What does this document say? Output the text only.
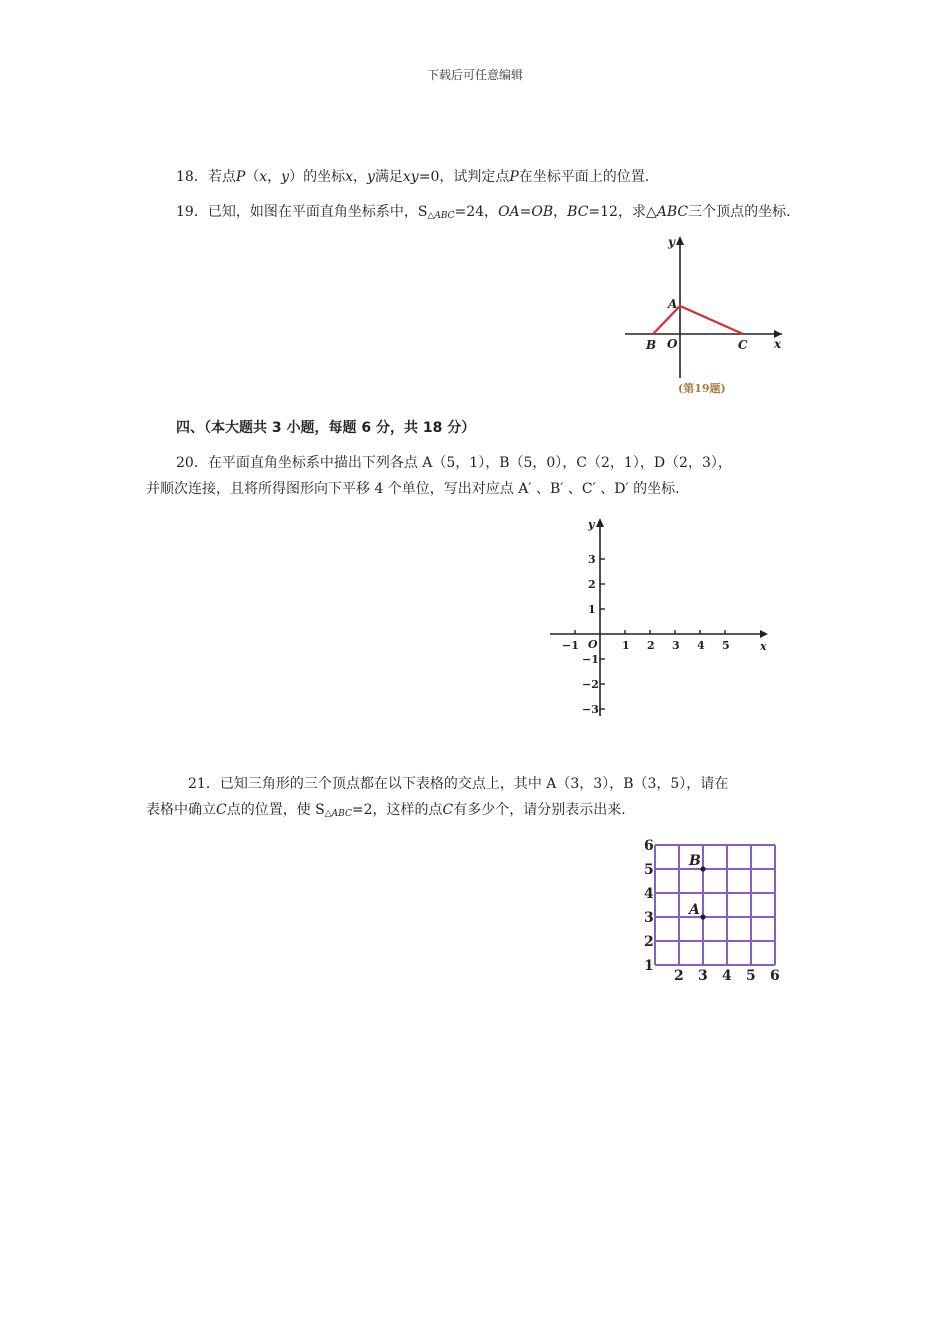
下载后可任意编辑
18．若点P（x，y）的坐标x，y满足xy=0，试判定点P在坐标平面上的位置.
19．已知，如图在平面直角坐标系中，$S_{\triangle ABC}=24$，OA=OB，BC=12，求△ABC三个顶点的坐标.
y
x
A
B O	C
(第19题)
四、（本大题共 3 小题，每题 6 分，共 18 分）
20．在平面直角坐标系中描出下列各点 A（5，1），B（5，0），C（2，1），D（2，3），
并顺次连接，且将所得图形向下平移 4 个单位，写出对应点 A′ 、B′ 、C′ 、D′ 的坐标.
y
x
O
−1	1 2 3 4 5
3
2
1
−1
−2
−3
21．已知三角形的三个顶点都在以下表格的交点上，其中 A（3，3），B（3，5），请在
表格中确立C点的位置，使 $S_{\triangle ABC}=2$，这样的点C有多少个，请分别表示出来.
B
A
6
5
4
3
2
1
2 3 4 5 6
